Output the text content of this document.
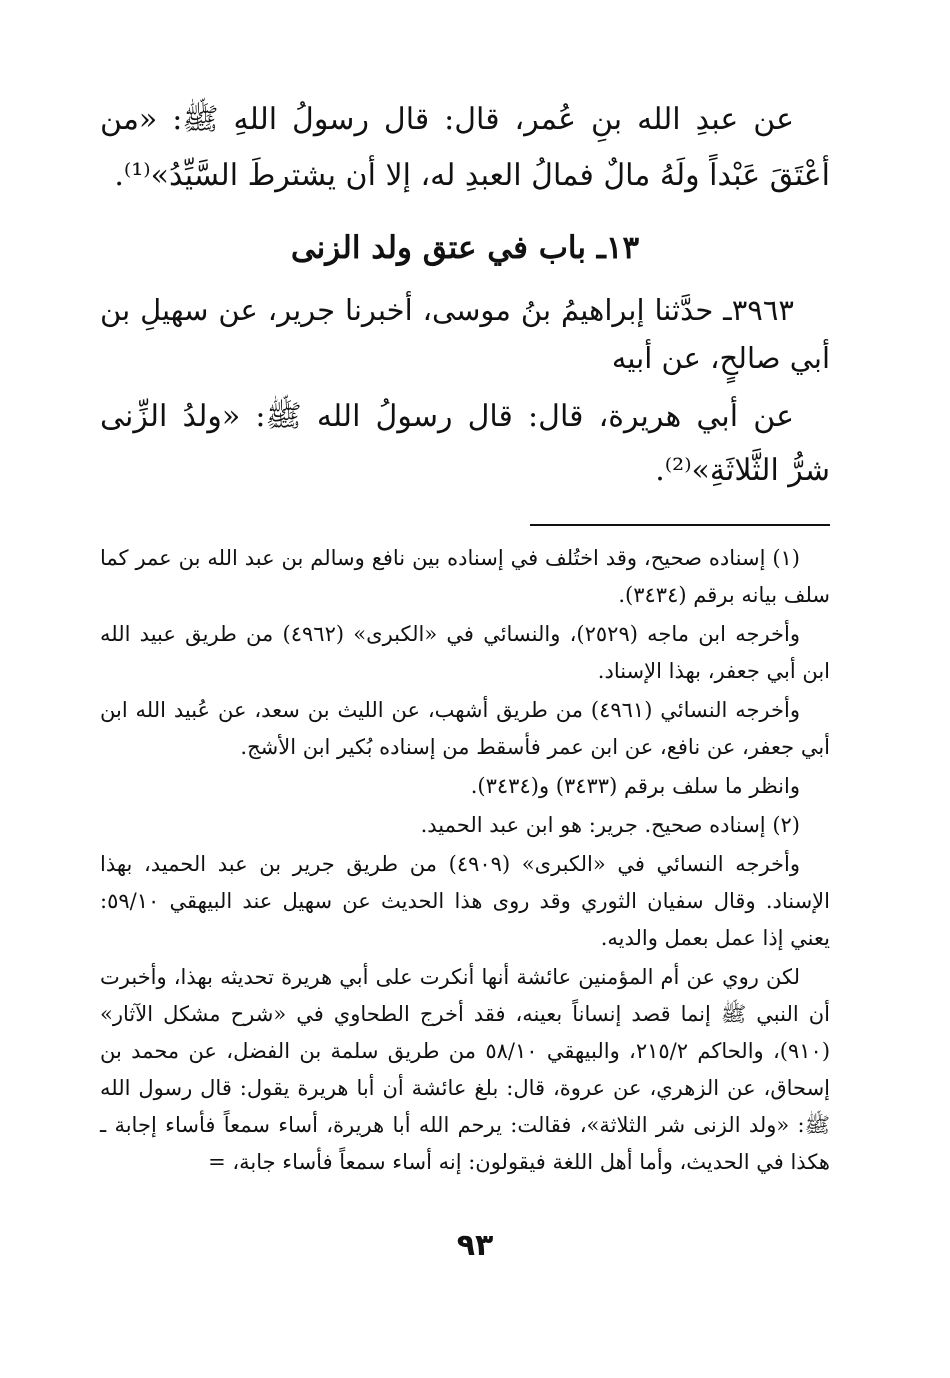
عن عبدِ الله بنِ عُمر، قال: قال رسولُ اللهِ ﷺ: «من أعْتَقَ عَبْداً ولَهُ مالٌ فمالُ العبدِ له، إلا أن يشترطَ السَّيِّدُ»⁽¹⁾.

١٣ـ باب في عتق ولد الزنى

٣٩٦٣ـ حدَّثنا إبراهيمُ بنُ موسى، أخبرنا جرير، عن سهيلِ بن أبي صالحٍ، عن أبيه

عن أبي هريرة، قال: قال رسولُ الله ﷺ: «ولدُ الزِّنى شرُّ الثَّلاثَةِ»⁽²⁾.

(١) إسناده صحيح، وقد اختُلف في إسناده بين نافع وسالم بن عبد الله بن عمر كما سلف بيانه برقم (٣٤٣٤).

وأخرجه ابن ماجه (٢٥٢٩)، والنسائي في «الكبرى» (٤٩٦٢) من طريق عبيد الله ابن أبي جعفر، بهذا الإسناد.

وأخرجه النسائي (٤٩٦١) من طريق أشهب، عن الليث بن سعد، عن عُبيد الله ابن أبي جعفر، عن نافع، عن ابن عمر فأسقط من إسناده بُكير ابن الأشج.

وانظر ما سلف برقم (٣٤٣٣) و(٣٤٣٤).

(٢) إسناده صحيح. جرير: هو ابن عبد الحميد.

وأخرجه النسائي في «الكبرى» (٤٩٠٩) من طريق جرير بن عبد الحميد، بهذا الإسناد. وقال سفيان الثوري وقد روى هذا الحديث عن سهيل عند البيهقي ٥٩/١٠: يعني إذا عمل بعمل والديه.

لكن روي عن أم المؤمنين عائشة أنها أنكرت على أبي هريرة تحديثه بهذا، وأخبرت أن النبي ﷺ إنما قصد إنساناً بعينه، فقد أخرج الطحاوي في «شرح مشكل الآثار» (٩١٠)، والحاكم ٢١٥/٢، والبيهقي ٥٨/١٠ من طريق سلمة بن الفضل، عن محمد بن إسحاق، عن الزهري، عن عروة، قال: بلغ عائشة أن أبا هريرة يقول: قال رسول الله ﷺ: «ولد الزنى شر الثلاثة»، فقالت: يرحم الله أبا هريرة، أساء سمعاً فأساء إجابة ـ هكذا في الحديث، وأما أهل اللغة فيقولون: إنه أساء سمعاً فأساء جابة، =

٩٣
